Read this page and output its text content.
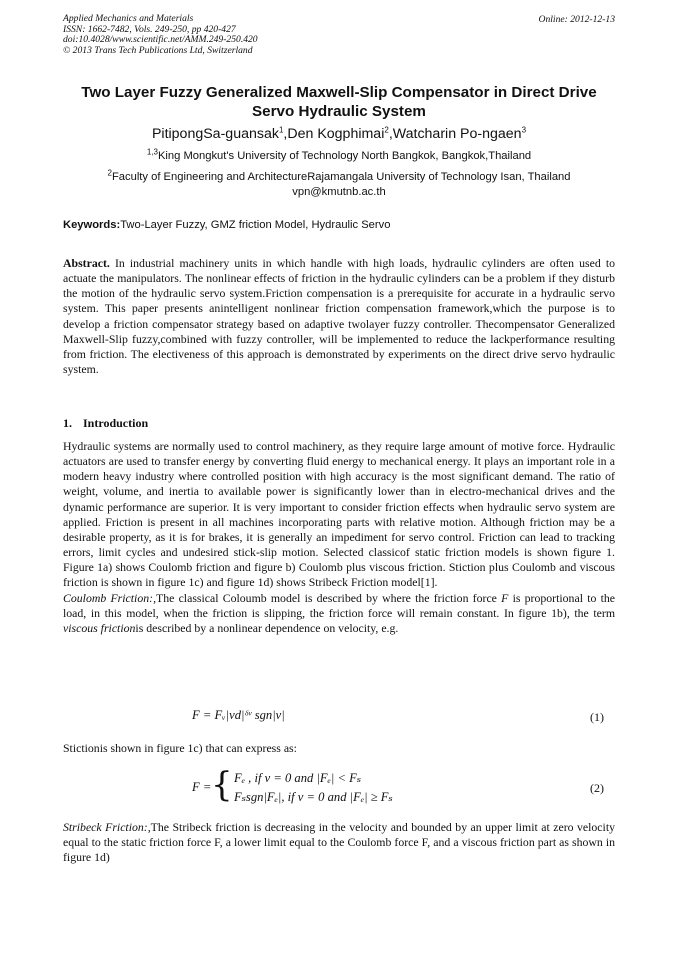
Applied Mechanics and Materials
ISSN: 1662-7482, Vols. 249-250, pp 420-427
doi:10.4028/www.scientific.net/AMM.249-250.420
© 2013 Trans Tech Publications Ltd, Switzerland
Online: 2012-12-13
Two Layer Fuzzy Generalized Maxwell-Slip Compensator in Direct Drive
Servo Hydraulic System
PitipongSa-guansak$^1$,Den Kogphimai$^2$,Watcharin Po-ngaen$^3$
$^{1,3}$King Mongkut's University of Technology North Bangkok, Bangkok,Thailand
$^2$Faculty of Engineering and ArchitectureRajamangala University of Technology Isan, Thailand
vpn@kmutnb.ac.th
Keywords:Two-Layer Fuzzy, GMZ friction Model, Hydraulic Servo

Abstract. In industrial machinery units in which handle with high loads, hydraulic cylinders are often used to actuate the manipulators. The nonlinear effects of friction in the hydraulic cylinders can be a problem if they disturb the motion of the hydraulic servo system.Friction compensation is a prerequisite for accurate in a hydraulic servo system. This paper presents anintelligent nonlinear friction compensation framework,which the purpose is to develop a friction compensator strategy based on adaptive twolayer fuzzy controller. Thecompensator Generalized Maxwell-Slip fuzzy,combined with fuzzy controller, will be implemented to reduce the lackperformance resulting from friction. The electiveness of this approach is demonstrated by experiments on the direct drive servo hydraulic system.

1. Introduction

Hydraulic systems are normally used to control machinery, as they require large amount of motive force. Hydraulic actuators are used to transfer energy by converting fluid energy to mechanical energy. It plays an important role in a modern heavy industry where controlled position with high accuracy is the most significant demand. The ratio of weight, volume, and inertia to available power is significantly lower than in electro-mechanical drives and the dynamic performance are superior. It is very important to consider friction effects when hydraulic servo system are applied. Friction is present in all machines incorporating parts with relative motion. Although friction may be a desirable property, as it is for brakes, it is generally an impediment for servo control. Friction can lead to tracking errors, limit cycles and undesired stick-slip motion. Selected classicof static friction models is shown figure 1. Figure 1a) shows Coulomb friction and figure b) Coulomb plus viscous friction. Stiction plus Coulomb and viscous friction is shown in figure 1c) and figure 1d) shows Stribeck Friction model[1].

Coulomb Friction:,The classical Coloumb model is described by where the friction force F is proportional to the load, in this model, when the friction is slipping, the friction force will remain constant. In figure 1b), the term viscous frictionis described by a nonlinear dependence on velocity, e.g.

F = Fᵥ|vd|ᵟᵛ sgn|v|	(1)

Stictionis shown in figure 1c) that can express as:

F = { Fₑ , if v = 0 and |Fₑ| < Fₛ
Fₛsgn|Fₑ|, if v = 0 and |Fₑ| ≥ Fₛ
(2)

Stribeck Friction:,The Stribeck friction is decreasing in the velocity and bounded by an upper limit at zero velocity equal to the static friction force F, a lower limit equal to the Coulomb force F, and a viscous friction part as shown in figure 1d)
